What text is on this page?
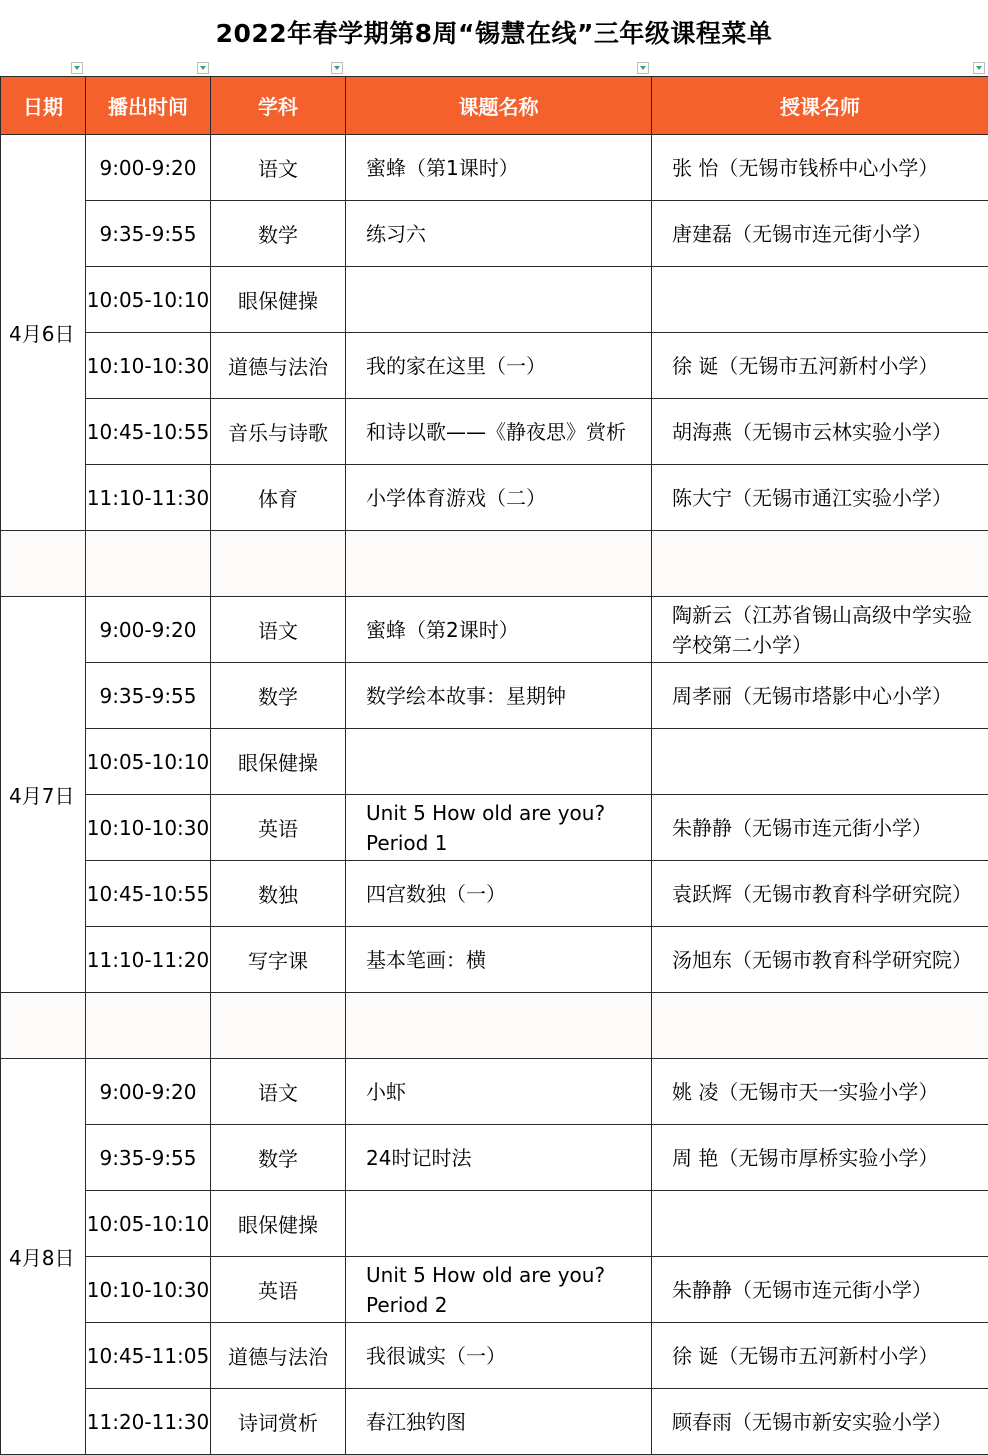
2022年春学期第8周“锡慧在线”三年级课程菜单
日期	播出时间	学科	课题名称	授课名师
4月6日	9:00-9:20	语文	蜜蜂（第1课时）	张 怡（无锡市钱桥中心小学）
	9:35-9:55	数学	练习六	唐建磊（无锡市连元街小学）
	10:05-10:10	眼保健操		
	10:10-10:30	道德与法治	我的家在这里（一）	徐 诞（无锡市五河新村小学）
	10:45-10:55	音乐与诗歌	和诗以歌——《静夜思》赏析	胡海燕（无锡市云林实验小学）
	11:10-11:30	体育	小学体育游戏（二）	陈大宁（无锡市通江实验小学）

4月7日	9:00-9:20	语文	蜜蜂（第2课时）	陶新云（江苏省锡山高级中学实验学校第二小学）
	9:35-9:55	数学	数学绘本故事：星期钟	周孝丽（无锡市塔影中心小学）
	10:05-10:10	眼保健操		
	10:10-10:30	英语	Unit 5 How old are you? Period 1	朱静静（无锡市连元街小学）
	10:45-10:55	数独	四宫数独（一）	袁跃辉（无锡市教育科学研究院）
	11:10-11:20	写字课	基本笔画：横	汤旭东（无锡市教育科学研究院）

4月8日	9:00-9:20	语文	小虾	姚 凌（无锡市天一实验小学）
	9:35-9:55	数学	24时记时法	周 艳（无锡市厚桥实验小学）
	10:05-10:10	眼保健操		
	10:10-10:30	英语	Unit 5 How old are you? Period 2	朱静静（无锡市连元街小学）
	10:45-11:05	道德与法治	我很诚实（一）	徐 诞（无锡市五河新村小学）
	11:20-11:30	诗词赏析	春江独钓图	顾春雨（无锡市新安实验小学）
